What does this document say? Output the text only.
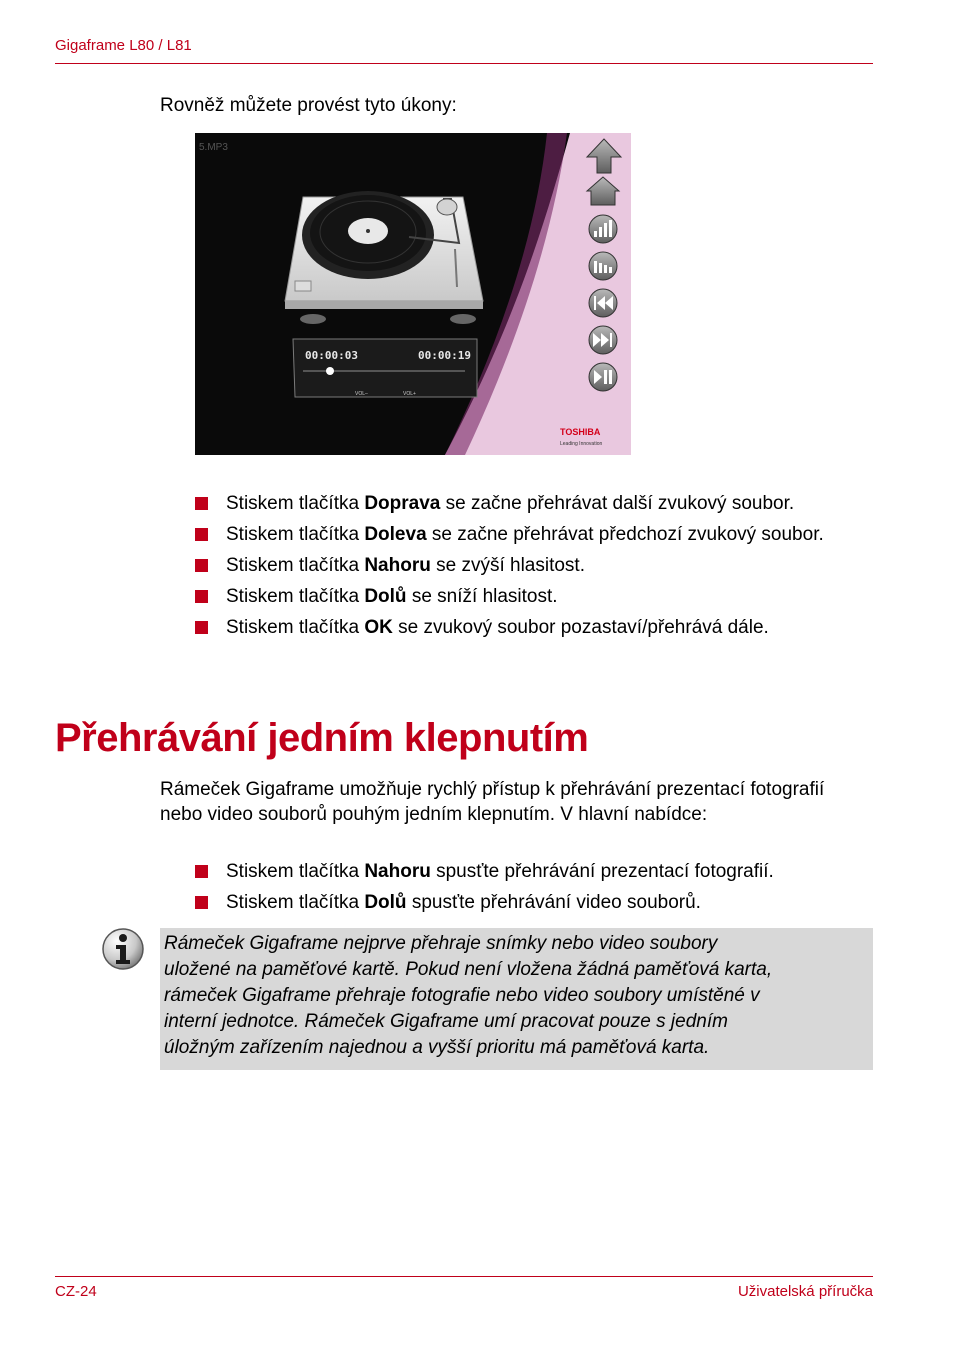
Gigaframe L80 / L81
Rovněž můžete provést tyto úkony:
5.MP3
00:00:03	00:00:19
VOL–	VOL+
TOSHIBA
Leading Innovation
Stiskem tlačítka Doprava se začne přehrávat další zvukový soubor.
Stiskem tlačítka Doleva se začne přehrávat předchozí zvukový soubor.
Stiskem tlačítka Nahoru se zvýší hlasitost.
Stiskem tlačítka Dolů se sníží hlasitost.
Stiskem tlačítka OK se zvukový soubor pozastaví/přehrává dále.
Přehrávání jedním klepnutím
Rámeček Gigaframe umožňuje rychlý přístup k přehrávání prezentací fotografií nebo video souborů pouhým jedním klepnutím. V hlavní nabídce:
Stiskem tlačítka Nahoru spusťte přehrávání prezentací fotografií.
Stiskem tlačítka Dolů spusťte přehrávání video souborů.

Rámeček Gigaframe nejprve přehraje snímky nebo video soubory
uložené na paměťové kartě. Pokud není vložena žádná paměťová karta,
rámeček Gigaframe přehraje fotografie nebo video soubory umístěné v
interní jednotce. Rámeček Gigaframe umí pracovat pouze s jedním
úložným zařízením najednou a vyšší prioritu má paměťová karta.

CZ-24	Uživatelská příručka
